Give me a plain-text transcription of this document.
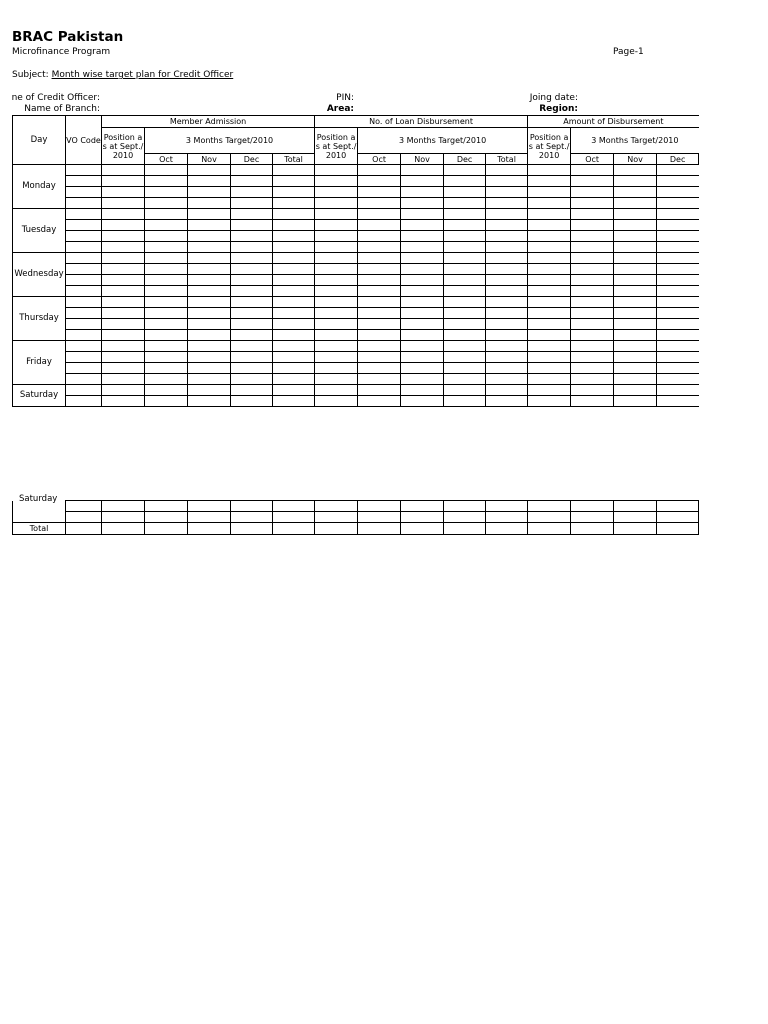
BRAC Pakistan
Microfinance Program	Page-1
Subject: Month wise target plan for Credit Officer
ne of Credit Officer:	PIN:	Joing date:
Name of Branch:	Area:	Region:
Day	VO Code	Member Admission					No. of Loan Disbursement					Amount of Disbursement			
		Position as at Sept./2010	3 Months Target/2010				Position as at Sept./2010	3 Months Target/2010				Position as at Sept./2010	3 Months Target/2010		
			Oct	Nov	Dec	Total		Oct	Nov	Dec	Total		Oct	Nov	Dec
Monday															

Tuesday															

Wednesday															

Thursday															

Friday															

Saturday															

Saturday															

Total															
